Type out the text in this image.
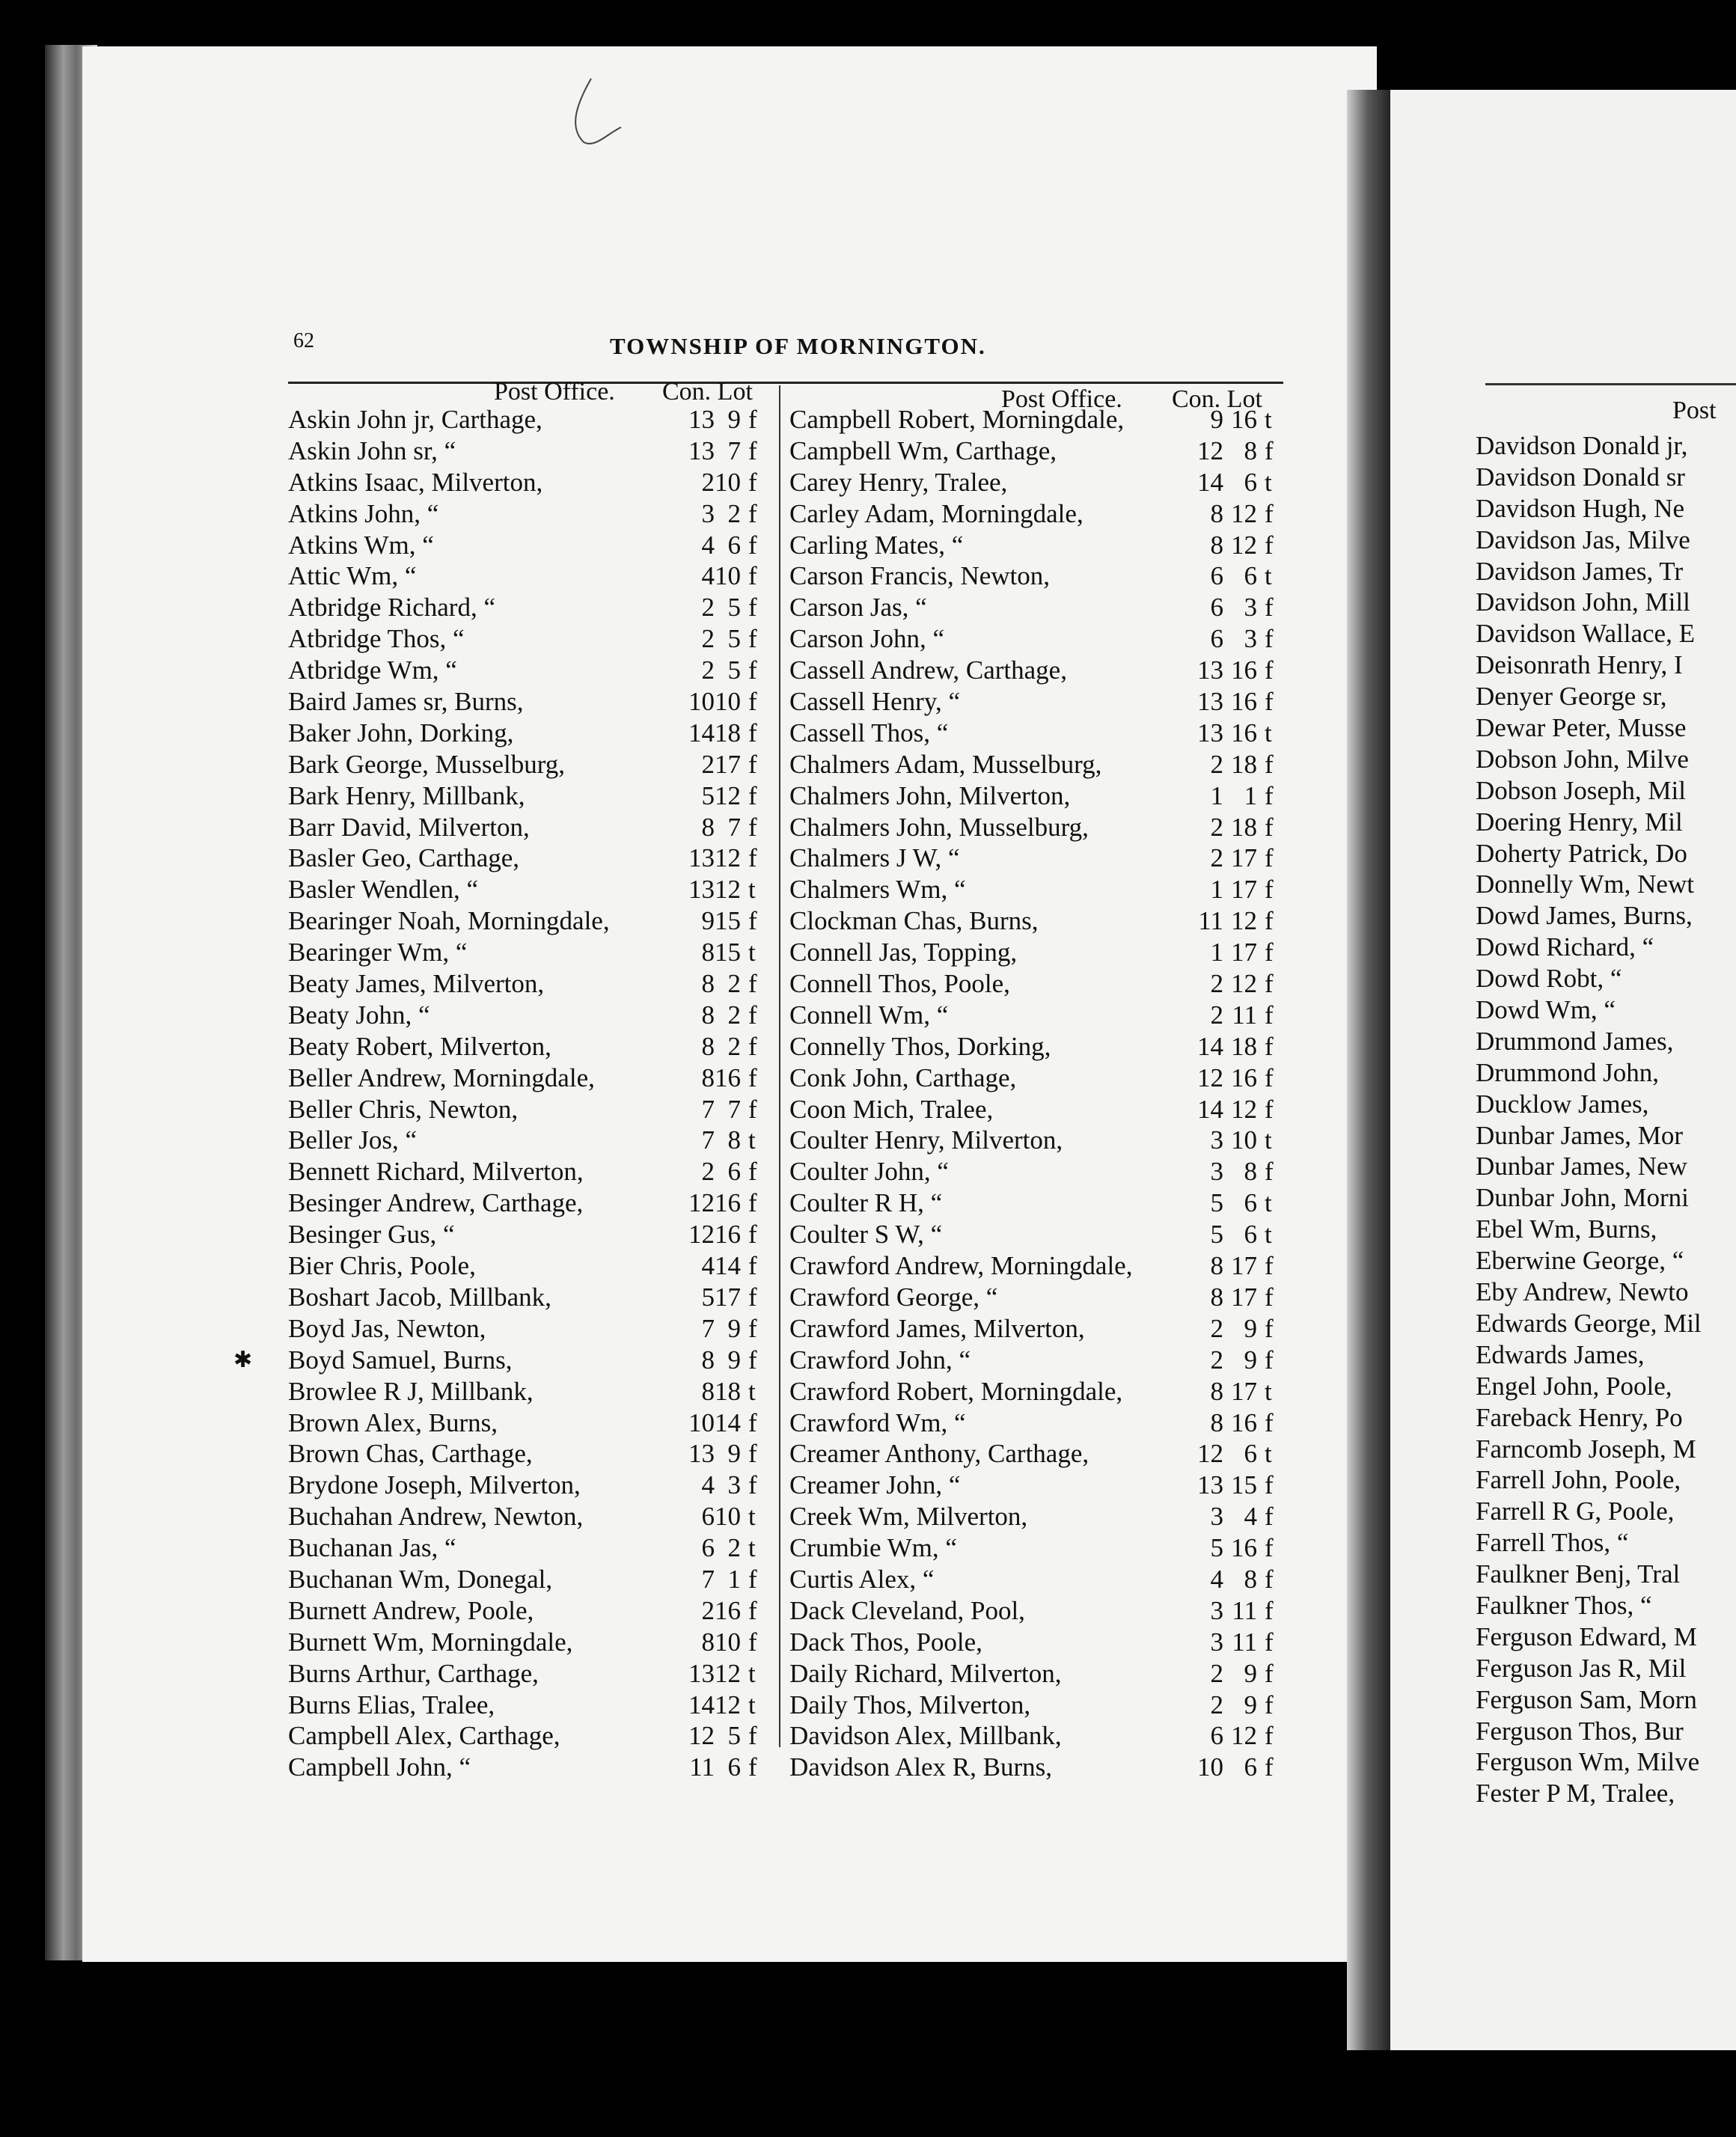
62	TOWNSHIP OF MORNINGTON.
Post Office. Con. Lot	Post Office. Con. Lot	Post
Askin John jr, Carthage,	13 9 f
Askin John sr, “	13 7 f
Atkins Isaac, Milverton,	2 10 f
Atkins John, “	3 2 f
Atkins Wm, “	4 6 f
Attic Wm, “	4 10 f
Atbridge Richard, “	2 5 f
Atbridge Thos, “	2 5 f
Atbridge Wm, “	2 5 f
Baird James sr, Burns,	10 10 f
Baker John, Dorking,	14 18 f
Bark George, Musselburg,	2 17 f
Bark Henry, Millbank,	5 12 f
Barr David, Milverton,	8 7 f
Basler Geo, Carthage,	13 12 f
Basler Wendlen, “	13 12 t
Bearinger Noah, Morningdale,	9 15 f
Bearinger Wm, “	8 15 t
Beaty James, Milverton,	8 2 f
Beaty John, “	8 2 f
Beaty Robert, Milverton,	8 2 f
Beller Andrew, Morningdale,	8 16 f
Beller Chris, Newton,	7 7 f
Beller Jos, “	7 8 t
Bennett Richard, Milverton,	2 6 f
Besinger Andrew, Carthage,	12 16 f
Besinger Gus, “	12 16 f
Bier Chris, Poole,	4 14 f
Boshart Jacob, Millbank,	5 17 f
Boyd Jas, Newton,	7 9 f
Boyd Samuel, Burns,	8 9 f
Browlee R J, Millbank,	8 18 t
Brown Alex, Burns,	10 14 f
Brown Chas, Carthage,	13 9 f
Brydone Joseph, Milverton,	4 3 f
Buchahan Andrew, Newton,	6 10 t
Buchanan Jas, “	6 2 t
Buchanan Wm, Donegal,	7 1 f
Burnett Andrew, Poole,	2 16 f
Burnett Wm, Morningdale,	8 10 f
Burns Arthur, Carthage,	13 12 t
Burns Elias, Tralee,	14 12 t
Campbell Alex, Carthage,	12 5 f
Campbell John, “	11 6 f
Campbell Robert, Morningdale,	9 16 t
Campbell Wm, Carthage,	12 8 f
Carey Henry, Tralee,	14 6 t
Carley Adam, Morningdale,	8 12 f
Carling Mates, “	8 12 f
Carson Francis, Newton,	6 6 t
Carson Jas, “	6 3 f
Carson John, “	6 3 f
Cassell Andrew, Carthage,	13 16 f
Cassell Henry, “	13 16 f
Cassell Thos, “	13 16 t
Chalmers Adam, Musselburg,	2 18 f
Chalmers John, Milverton,	1 1 f
Chalmers John, Musselburg,	2 18 f
Chalmers J W, “	2 17 f
Chalmers Wm, “	1 17 f
Clockman Chas, Burns,	11 12 f
Connell Jas, Topping,	1 17 f
Connell Thos, Poole,	2 12 f
Connell Wm, “	2 11 f
Connelly Thos, Dorking,	14 18 f
Conk John, Carthage,	12 16 f
Coon Mich, Tralee,	14 12 f
Coulter Henry, Milverton,	3 10 t
Coulter John, “	3 8 f
Coulter R H, “	5 6 t
Coulter S W, “	5 6 t
Crawford Andrew, Morningdale,	8 17 f
Crawford George, “	8 17 f
Crawford James, Milverton,	2 9 f
Crawford John, “	2 9 f
Crawford Robert, Morningdale,	8 17 t
Crawford Wm, “	8 16 f
Creamer Anthony, Carthage,	12 6 t
Creamer John, “	13 15 f
Creek Wm, Milverton,	3 4 f
Crumbie Wm, “	5 16 f
Curtis Alex, “	4 8 f
Dack Cleveland, Pool,	3 11 f
Dack Thos, Poole,	3 11 f
Daily Richard, Milverton,	2 9 f
Daily Thos, Milverton,	2 9 f
Davidson Alex, Millbank,	6 12 f
Davidson Alex R, Burns,	10 6 f
Davidson Donald jr,
Davidson Donald sr
Davidson Hugh, Ne
Davidson Jas, Milve
Davidson James, Tr
Davidson John, Mill
Davidson Wallace, E
Deisonrath Henry, I
Denyer George sr,
Dewar Peter, Musse
Dobson John, Milve
Dobson Joseph, Mil
Doering Henry, Mil
Doherty Patrick, Do
Donnelly Wm, Newt
Dowd James, Burns,
Dowd Richard, “
Dowd Robt, “
Dowd Wm, “
Drummond James,
Drummond John,
Ducklow James,
Dunbar James, Mor
Dunbar James, New
Dunbar John, Morni
Ebel Wm, Burns,
Eberwine George, “
Eby Andrew, Newto
Edwards George, Mil
Edwards James,
Engel John, Poole,
Fareback Henry, Po
Farncomb Joseph, M
Farrell John, Poole,
Farrell R G, Poole,
Farrell Thos, “
Faulkner Benj, Tral
Faulkner Thos, “
Ferguson Edward, M
Ferguson Jas R, Mil
Ferguson Sam, Morn
Ferguson Thos, Bur
Ferguson Wm, Milve
Fester P M, Tralee,
✱
